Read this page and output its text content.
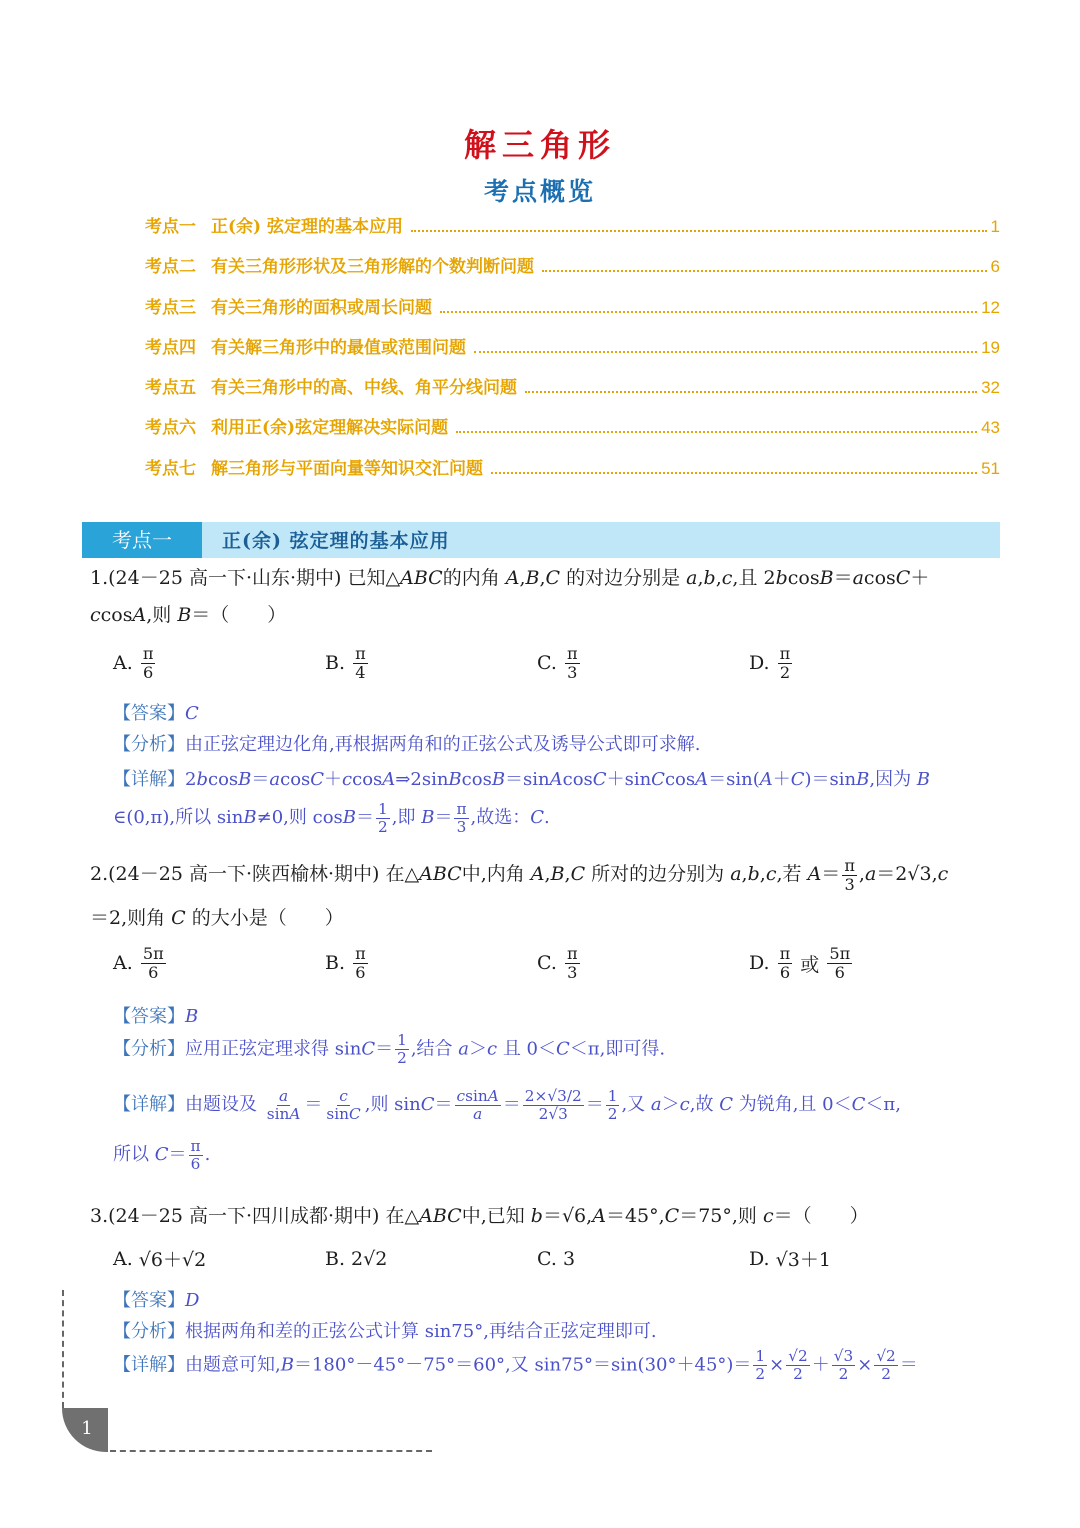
解三角形
考点概览
考点一 正(余) 弦定理的基本应用	1
考点二 有关三角形形状及三角形解的个数判断问题	6
考点三 有关三角形的面积或周长问题	12
考点四 有关解三角形中的最值或范围问题	19
考点五 有关三角形中的高、中线、角平分线问题	32
考点六 利用正(余)弦定理解决实际问题	43
考点七 解三角形与平面向量等知识交汇问题	51
考点一	正(余) 弦定理的基本应用
1.(24－25 高一下·山东·期中) 已知△ABC的内角 A,B,C 的对边分别是 a,b,c,且 2bcosB＝acosC＋
ccosA,则 B＝（　　）
A.
$\frac{\pi}{6}$	B.
$\frac{\pi}{4}$	C.
$\frac{\pi}{3}$	D.
$\frac{\pi}{2}$
【答案】C
【分析】由正弦定理边化角,再根据两角和的正弦公式及诱导公式即可求解.
【详解】2bcosB＝acosC＋ccosA⇒2sinBcosB＝sinAcosC＋sinCcosA＝sin(A＋C)＝sinB,因为 B
∈(0,π),所以 sinB≠0,则 $\cos B= \frac{1}{2}$ ,即 $B= \frac{\pi}{3}$ ,故选：C.
2.(24－25 高一下·陕西榆林·期中) 在△ABC中,内角 A,B,C 所对的边分别为 a,b,c,若 $A= \frac{\pi}{3} ,a=2√3,c$
＝2,则角 C 的大小是（　　）
A.
$\frac{5\pi}{6}$	B.
$\frac{\pi}{6}$	C.
$\frac{\pi}{3}$	D.
$\frac{\pi}{6}$ 或 $\frac{5\pi}{6}$
【答案】B
【分析】应用正弦定理求得 $\sin C= \frac{1}{2}$ ,结合 a＞c 且 0＜C＜π,即可得.
【详解】由题设及 $\frac{a}{\sin A} = \frac{c}{\sin C}$ ,则 $\sin C= \frac{csinA}{a} = \frac{2\times√3/2}{2√3} = \frac{1}{2}$ ,又 a＞c,故 C 为锐角,且 0＜C＜π,
所以 $C= \frac{\pi}{6}$ .
3.(24－25 高一下·四川成都·期中) 在△ABC中,已知 b＝√6,A＝45°,C＝75°,则 c＝（　　）
A. √6＋√2	B. 2√2	C. 3	D. √3＋1
【答案】D
【分析】根据两角和差的正弦公式计算 sin75°,再结合正弦定理即可.
【详解】由题意可知,B＝180°－45°－75°＝60°,又 $\sin 75^\circ=\sin(30^\circ+45^\circ)= \frac{1}{2} \times \frac{√2}{2} + \frac{√3}{2} \times \frac{√2}{2}$ ＝
1
